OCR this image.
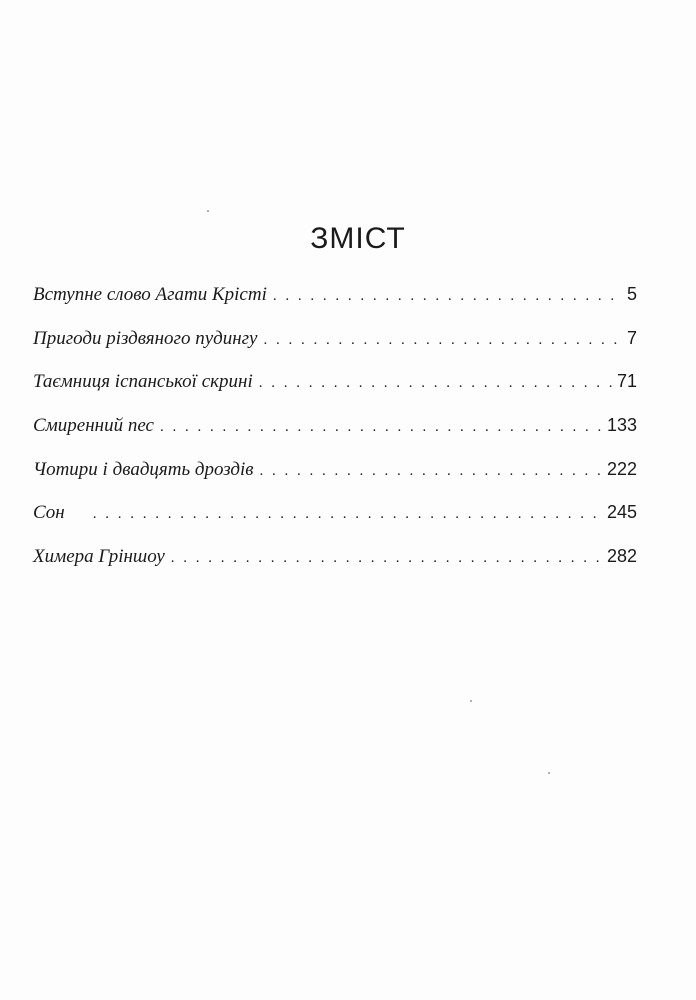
ЗМІСТ
Вступне слово Агати Крісті . . .	5
Пригоди різдвяного пудингу . . .	7
Таємниця іспанської скрині . . .	71
Смиренний пес . . .	133
Чотири і двадцять дроздів . . .	222
Сон . . .	245
Химера Гріншоу . . .	282
